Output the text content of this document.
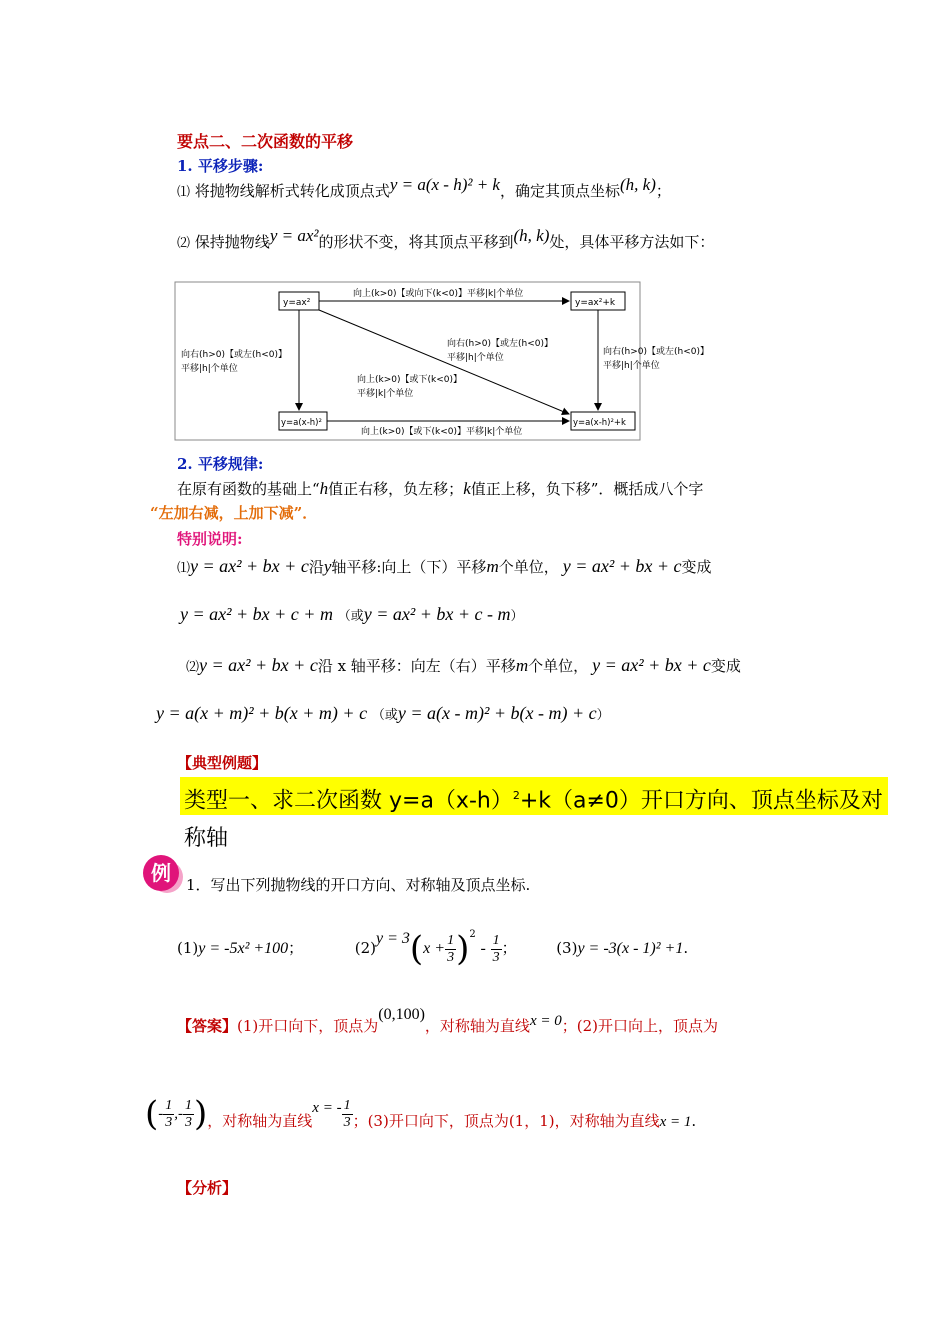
要点二、二次函数的平移
1. 平移步骤:
⑴ 将抛物线解析式转化成顶点式y = a(x - h)² + k，确定其顶点坐标(h, k)；
⑵ 保持抛物线y = ax²的形状不变，将其顶点平移到(h, k)处，具体平移方法如下：
y=ax²	y=ax²+k
y=a(x-h)²	y=a(x-h)²+k
向上(k>0)【或向下(k<0)】平移|k|个单位
向上(k>0)【或下(k<0)】平移|k|个单位
向右(h>0)【或左(h<0)】
平移|h|个单位
向右(h>0)【或左(h<0)】
平移|h|个单位
向右(h>0)【或左(h<0)】
平移|h|个单位
向上(k>0)【或下(k<0)】
平移|k|个单位
2. 平移规律:
在原有函数的基础上“h值正右移，负左移；k值正上移，负下移”．概括成八个字
“左加右减，上加下减”．
特别说明:
⑴y = ax² + bx + c沿y轴平移:向上（下）平移m个单位， y = ax² + bx + c变成
y = ax² + bx + c + m （或y = ax² + bx + c - m）
⑵y = ax² + bx + c沿 x 轴平移：向左（右）平移m个单位， y = ax² + bx + c变成
y = a(x + m)² + b(x + m) + c （或y = a(x - m)² + b(x - m) + c）
【典型例题】
类型一、求二次函数 $y=a(x-h)^2+k(a\ne 0)$开口方向、顶点坐标及对称轴
例	1．写出下列抛物线的开口方向、对称轴及顶点坐标.
(1)y = -5x² +100；	$(2)y = 3(x + \frac{1}{3} )^2 - \frac{1}{3}$ ；	(3)y = -3(x - 1)² +1.
【答案】(1)开口向下，顶点为(0,100)，对称轴为直线x = 0；(2)开口向上，顶点为
(- $\frac{1}{3}$ ,- $\frac{1}{3}$ )，对称轴为直线x = - $\frac{1}{3}$ ；(3)开口向下，顶点为(1，1)，对称轴为直线x = 1.
【分析】
